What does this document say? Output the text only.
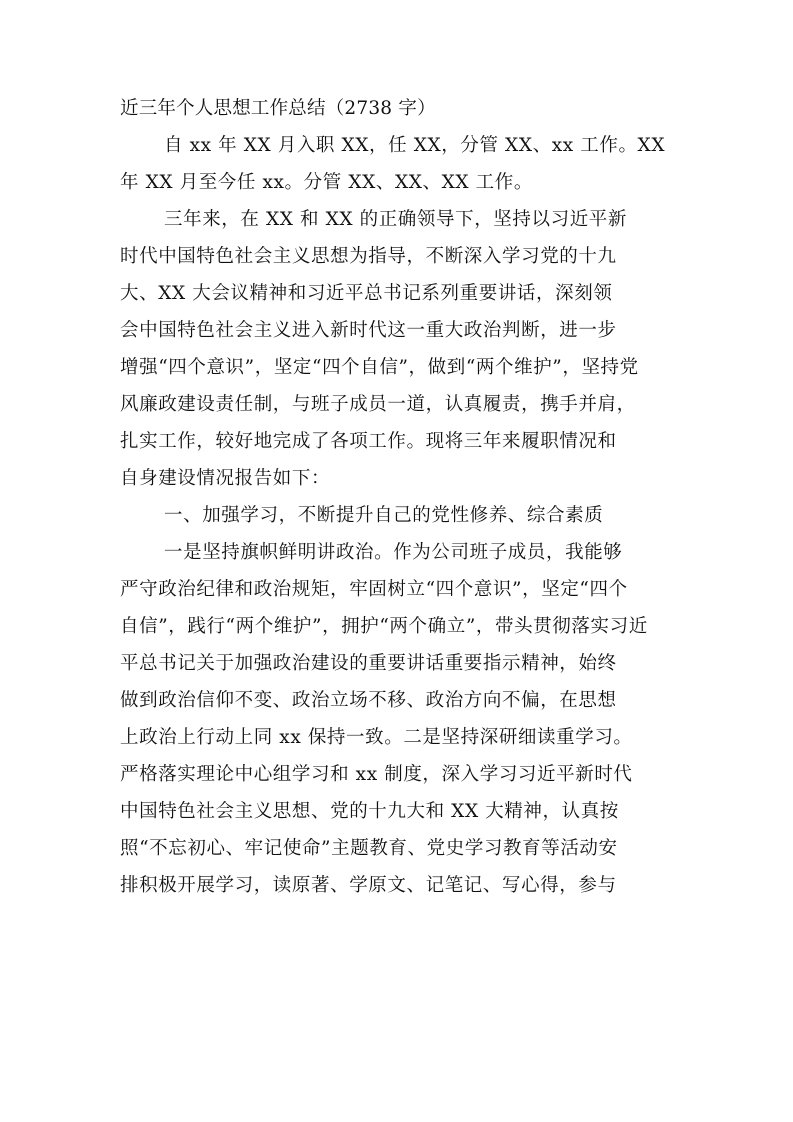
近三年个人思想工作总结（2738 字）
自 xx 年 XX 月入职 XX，任 XX，分管 XX、xx 工作。XX
年 XX 月至今任 xx。分管 XX、XX、XX 工作。
三年来，在 XX 和 XX 的正确领导下，坚持以习近平新
时代中国特色社会主义思想为指导，不断深入学习党的十九
大、XX 大会议精神和习近平总书记系列重要讲话，深刻领
会中国特色社会主义进入新时代这一重大政治判断，进一步
增强“四个意识”，坚定“四个自信”，做到“两个维护”，坚持党
风廉政建设责任制，与班子成员一道，认真履责，携手并肩，
扎实工作，较好地完成了各项工作。现将三年来履职情况和
自身建设情况报告如下：
一、加强学习，不断提升自己的党性修养、综合素质
一是坚持旗帜鲜明讲政治。作为公司班子成员，我能够
严守政治纪律和政治规矩，牢固树立“四个意识”，坚定“四个
自信”，践行“两个维护”，拥护“两个确立”，带头贯彻落实习近
平总书记关于加强政治建设的重要讲话重要指示精神，始终
做到政治信仰不变、政治立场不移、政治方向不偏，在思想
上政治上行动上同 xx 保持一致。二是坚持深研细读重学习。
严格落实理论中心组学习和 xx 制度，深入学习习近平新时代
中国特色社会主义思想、党的十九大和 XX 大精神，认真按
照“不忘初心、牢记使命”主题教育、党史学习教育等活动安
排积极开展学习，读原著、学原文、记笔记、写心得，参与
